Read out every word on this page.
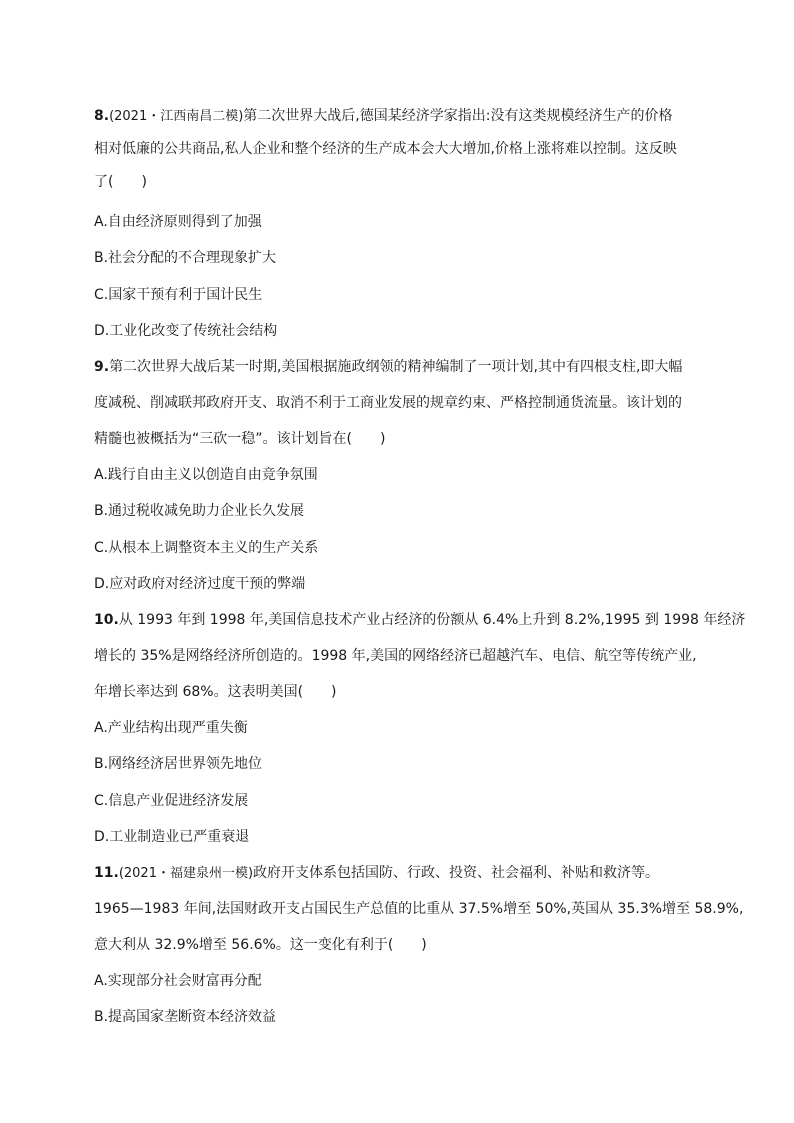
8.(2021・江西南昌二模)第二次世界大战后,德国某经济学家指出:没有这类规模经济生产的价格
相对低廉的公共商品,私人企业和整个经济的生产成本会大大增加,价格上涨将难以控制。这反映
了(　　)
A.自由经济原则得到了加强
B.社会分配的不合理现象扩大
C.国家干预有利于国计民生
D.工业化改变了传统社会结构
9.第二次世界大战后某一时期,美国根据施政纲领的精神编制了一项计划,其中有四根支柱,即大幅
度减税、削减联邦政府开支、取消不利于工商业发展的规章约束、严格控制通货流量。该计划的
精髓也被概括为“三砍一稳”。该计划旨在(　　)
A.践行自由主义以创造自由竞争氛围
B.通过税收减免助力企业长久发展
C.从根本上调整资本主义的生产关系
D.应对政府对经济过度干预的弊端
10.从 1993 年到 1998 年,美国信息技术产业占经济的份额从 6.4%上升到 8.2%,1995 到 1998 年经济
增长的 35%是网络经济所创造的。1998 年,美国的网络经济已超越汽车、电信、航空等传统产业,
年增长率达到 68%。这表明美国(　　)
A.产业结构出现严重失衡
B.网络经济居世界领先地位
C.信息产业促进经济发展
D.工业制造业已严重衰退
11.(2021・福建泉州一模)政府开支体系包括国防、行政、投资、社会福利、补贴和救济等。
1965—1983 年间,法国财政开支占国民生产总值的比重从 37.5%增至 50%,英国从 35.3%增至 58.9%,
意大利从 32.9%增至 56.6%。这一变化有利于(　　)
A.实现部分社会财富再分配
B.提高国家垄断资本经济效益
